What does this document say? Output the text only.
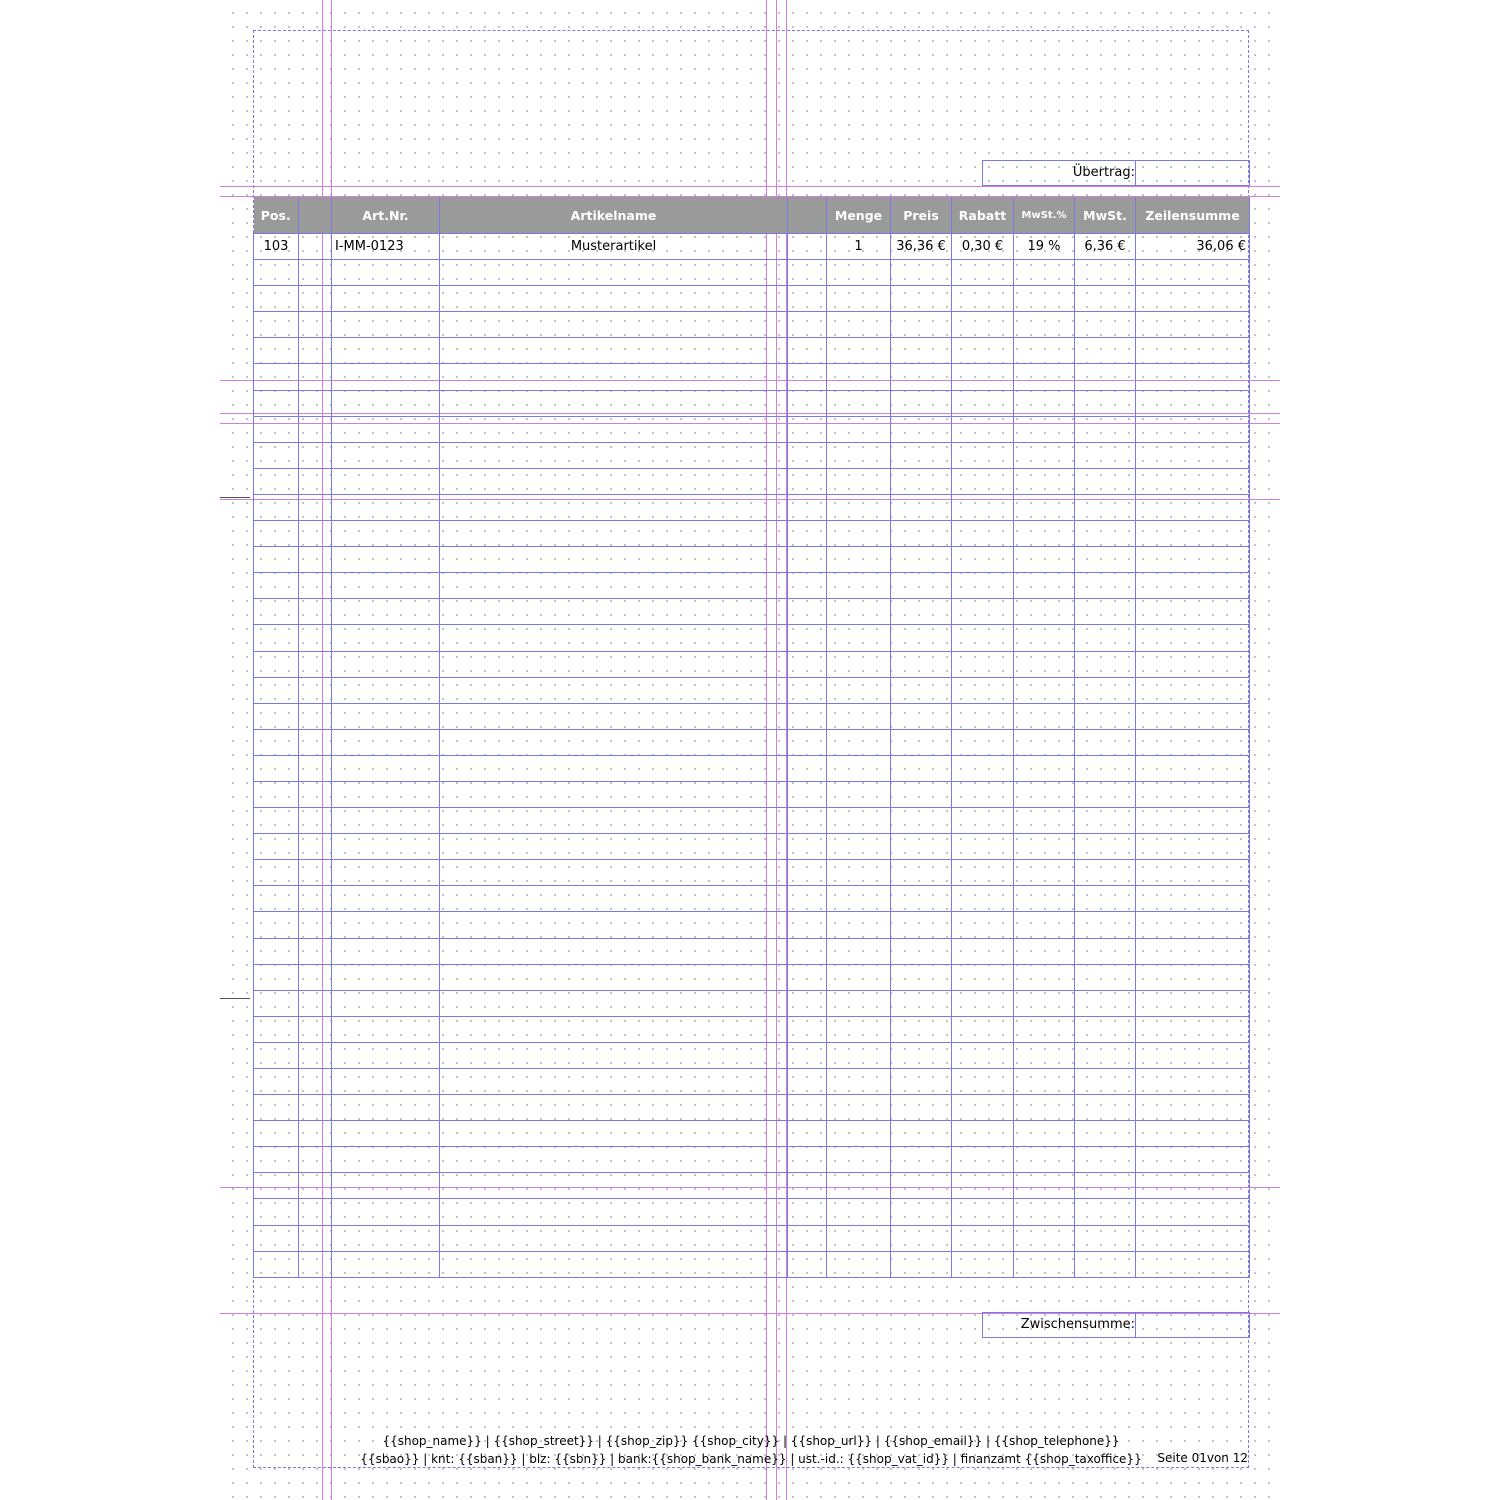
Übertrag:
Pos.		Art.Nr.	Artikelname		Menge	Preis	Rabatt	MwSt.%	MwSt.	Zeilensumme
103		I-MM-0123	Musterartikel		1	36,36 €	0,30 €	19 %	6,36 €	36,06 €

Zwischensumme:
{{shop_name}} | {{shop_street}} | {{shop_zip}} {{shop_city}} | {{shop_url}} | {{shop_email}} | {{shop_telephone}}
{{sbao}} | knt: {{sban}} | blz: {{sbn}} | bank:{{shop_bank_name}} | ust.-id.: {{shop_vat_id}} | finanzamt {{shop_taxoffice}}	Seite 01von 12
